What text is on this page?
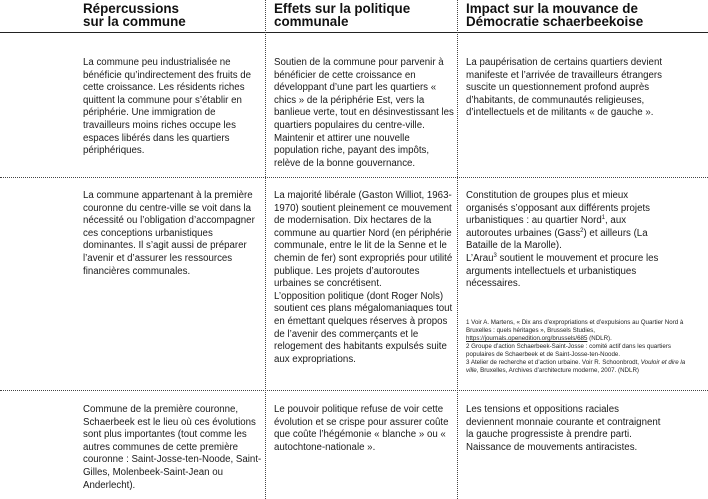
Répercussions
sur la commune
Effets sur la politique
communale
Impact sur la mouvance de
Démocratie schaerbeekoise
La commune peu industrialisée ne bénéficie qu’indirectement des fruits de cette croissance. Les résidents riches quittent la commune pour s’établir en périphérie. Une immigration de travailleurs moins riches occupe les espaces libérés dans les quartiers périphériques.
Soutien de la commune pour parvenir à bénéficier de cette croissance en développant d’une part les quartiers « chics » de la périphérie Est, vers la banlieue verte, tout en désinvestissant les quartiers populaires du centre-ville. Maintenir et attirer une nouvelle population riche, payant des impôts, relève de la bonne gouvernance.
La paupérisation de certains quartiers devient manifeste et l’arrivée de travailleurs étrangers suscite un questionnement profond auprès d’habitants, de communautés religieuses, d’intellectuels et de militants « de gauche ».
La commune appartenant à la première couronne du centre-ville se voit dans la nécessité ou l’obligation d’accompagner ces conceptions urbanistiques dominantes. Il s’agit aussi de préparer l’avenir et d’assurer les ressources financières communales.
La majorité libérale (Gaston Williot, 1963-1970) soutient pleinement ce mouvement de modernisation. Dix hectares de la commune au quartier Nord (en périphérie communale, entre le lit de la Senne et le chemin de fer) sont expropriés pour utilité publique. Les projets d’autoroutes urbaines se concrétisent.
L’opposition politique (dont Roger Nols) soutient ces plans mégalomaniaques tout en émettant quelques réserves à propos de l’avenir des commerçants et le relogement des habitants expulsés suite aux expropriations.
Constitution de groupes plus et mieux organisés s’opposant aux différents projets urbanistiques : au quartier Nord$^1$, aux autoroutes urbaines (Gass$^2$) et ailleurs (La Bataille de la Marolle).
L’Arau$^3$ soutient le mouvement et procure les arguments intellectuels et urbanistiques nécessaires.
1 Voir A. Martens, « Dix ans d’expropriations et d’expulsions au Quartier Nord à Bruxelles : quels héritages », Brussels Studies, https://journals.openedition.org/brussels/685 (NDLR).
2 Groupe d’action Schaerbeek-Saint-Josse : comité actif dans les quartiers populaires de Schaerbeek et de Saint-Josse-ten-Noode.
3 Atelier de recherche et d’action urbaine. Voir R. Schoonbrodt, Vouloir et dire la ville, Bruxelles, Archives d’architecture moderne, 2007. (NDLR)
Commune de la première couronne, Schaerbeek est le lieu où ces évolutions sont plus importantes (tout comme les autres communes de cette première couronne : Saint-Josse-ten-Noode, Saint-Gilles, Molenbeek-Saint-Jean ou Anderlecht).
Le pouvoir politique refuse de voir cette évolution et se crispe pour assurer coûte que coûte l’hégémonie « blanche » ou « autochtone-nationale ».
Les tensions et oppositions raciales deviennent monnaie courante et contraignent la gauche progressiste à prendre parti. Naissance de mouvements antiracistes.
